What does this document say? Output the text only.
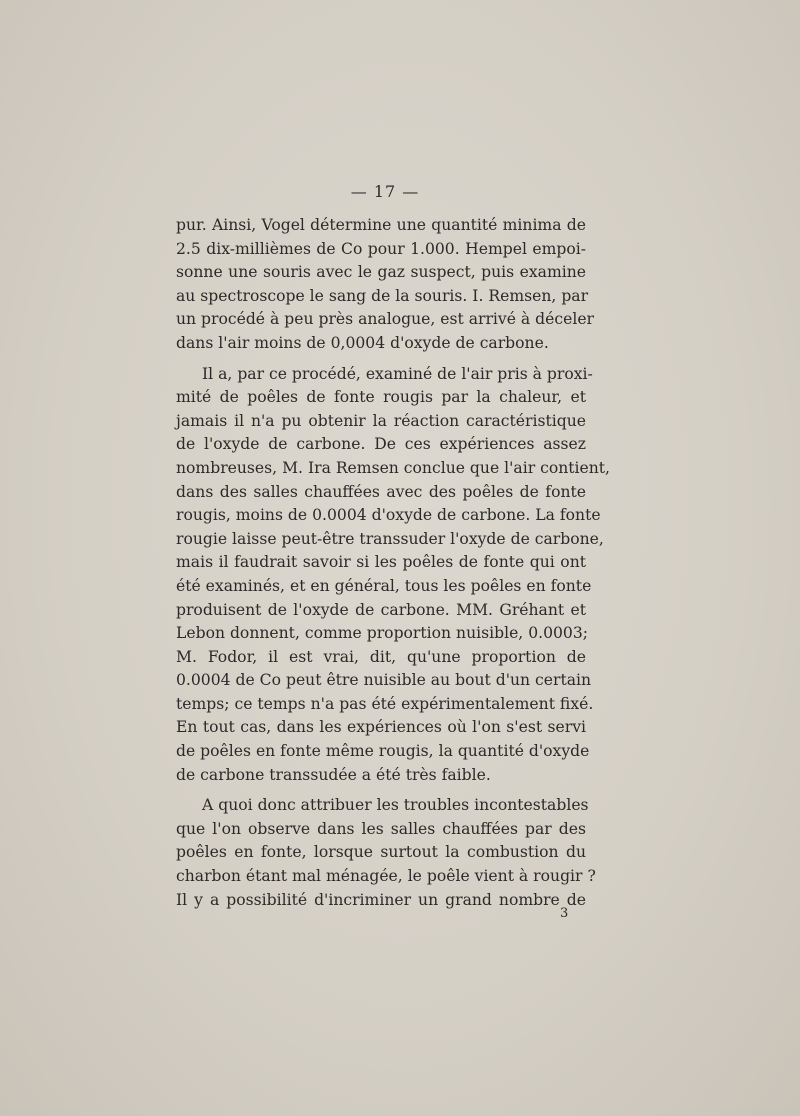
— 17 —
pur. Ainsi, Vogel détermine une quantité minima de
2.5 dix-millièmes de Co pour 1.000. Hempel empoi-
sonne une souris avec le gaz suspect, puis examine
au spectroscope le sang de la souris. I. Remsen, par
un procédé à peu près analogue, est arrivé à déceler
dans l'air moins de 0,0004 d'oxyde de carbone.
Il a, par ce procédé, examiné de l'air pris à proxi-
mité de poêles de fonte rougis par la chaleur, et
jamais il n'a pu obtenir la réaction caractéristique
de l'oxyde de carbone. De ces expériences assez
nombreuses, M. Ira Remsen conclue que l'air contient,
dans des salles chauffées avec des poêles de fonte
rougis, moins de 0.0004 d'oxyde de carbone. La fonte
rougie laisse peut-être transsuder l'oxyde de carbone,
mais il faudrait savoir si les poêles de fonte qui ont
été examinés, et en général, tous les poêles en fonte
produisent de l'oxyde de carbone. MM. Gréhant et
Lebon donnent, comme proportion nuisible, 0.0003;
M. Fodor, il est vrai, dit, qu'une proportion de
0.0004 de Co peut être nuisible au bout d'un certain
temps; ce temps n'a pas été expérimentalement fixé.
En tout cas, dans les expériences où l'on s'est servi
de poêles en fonte même rougis, la quantité d'oxyde
de carbone transsudée a été très faible.
A quoi donc attribuer les troubles incontestables
que l'on observe dans les salles chauffées par des
poêles en fonte, lorsque surtout la combustion du
charbon étant mal ménagée, le poêle vient à rougir ?
Il y a possibilité d'incriminer un grand nombre de
3
